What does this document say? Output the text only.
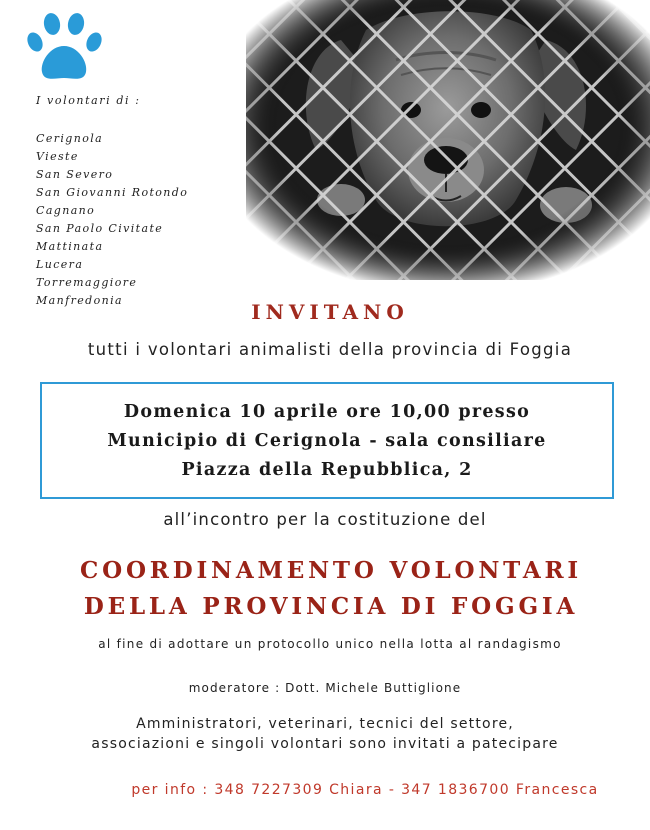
I volontari di :
Cerignola
Vieste
San Severo
San Giovanni Rotondo
Cagnano
San Paolo Civitate
Mattinata
Lucera
Torremaggiore
Manfredonia	INVITANO
tutti i volontari animalisti della provincia di Foggia
Domenica 10 aprile ore 10,00 presso
Municipio di Cerignola - sala consiliare
Piazza della Repubblica, 2
all’incontro per la costituzione del
COORDINAMENTO VOLONTARI
DELLA PROVINCIA DI FOGGIA
al fine di adottare un protocollo unico nella lotta al randagismo
moderatore : Dott. Michele Buttiglione
Amministratori, veterinari, tecnici del settore,
associazioni e singoli volontari sono invitati a patecipare
per info : 348 7227309 Chiara - 347 1836700 Francesca
